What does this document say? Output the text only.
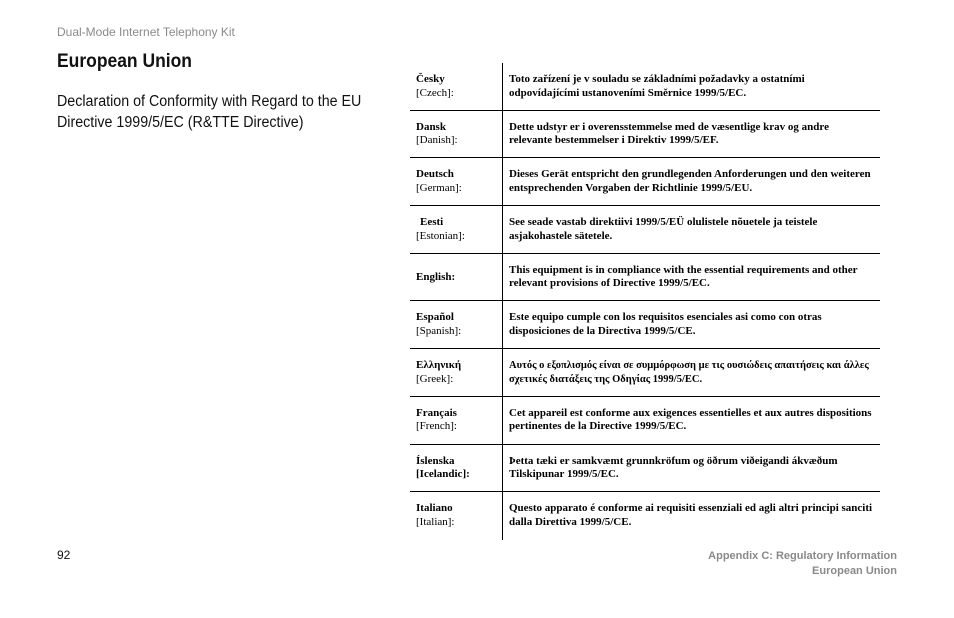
Dual-Mode Internet Telephony Kit
European Union
Declaration of Conformity with Regard to the EU Directive 1999/5/EC (R&TTE Directive)
Česky
[Czech]:
Toto zařízení je v souladu se základními požadavky a ostatními odpovídajícími ustanoveními Směrnice 1999/5/EC.
Dansk
[Danish]:
Dette udstyr er i overensstemmelse med de væsentlige krav og andre relevante bestemmelser i Direktiv 1999/5/EF.
Deutsch
[German]:
Dieses Gerät entspricht den grundlegenden Anforderungen und den weiteren entsprechenden Vorgaben der Richtlinie 1999/5/EU.
Eesti
[Estonian]:
See seade vastab direktiivi 1999/5/EÜ olulistele nõuetele ja teistele asjakohastele sätetele.
English:
This equipment is in compliance with the essential requirements and other relevant provisions of Directive 1999/5/EC.
Español
[Spanish]:
Este equipo cumple con los requisitos esenciales asi como con otras disposiciones de la Directiva 1999/5/CE.
Ελληνική
[Greek]:
Αυτός ο εξοπλισμός είναι σε συμμόρφωση με τις ουσιώδεις απαιτήσεις και άλλες σχετικές διατάξεις της Οδηγίας 1999/5/EC.
Français
[French]:
Cet appareil est conforme aux exigences essentielles et aux autres dispositions pertinentes de la Directive 1999/5/EC.
Íslenska
[Icelandic]:
Þetta tæki er samkvæmt grunnkröfum og öðrum viðeigandi ákvæðum Tilskipunar 1999/5/EC.
Italiano
[Italian]:
Questo apparato é conforme ai requisiti essenziali ed agli altri principi sanciti dalla Direttiva 1999/5/CE.
92	Appendix C: Regulatory Information
European Union
